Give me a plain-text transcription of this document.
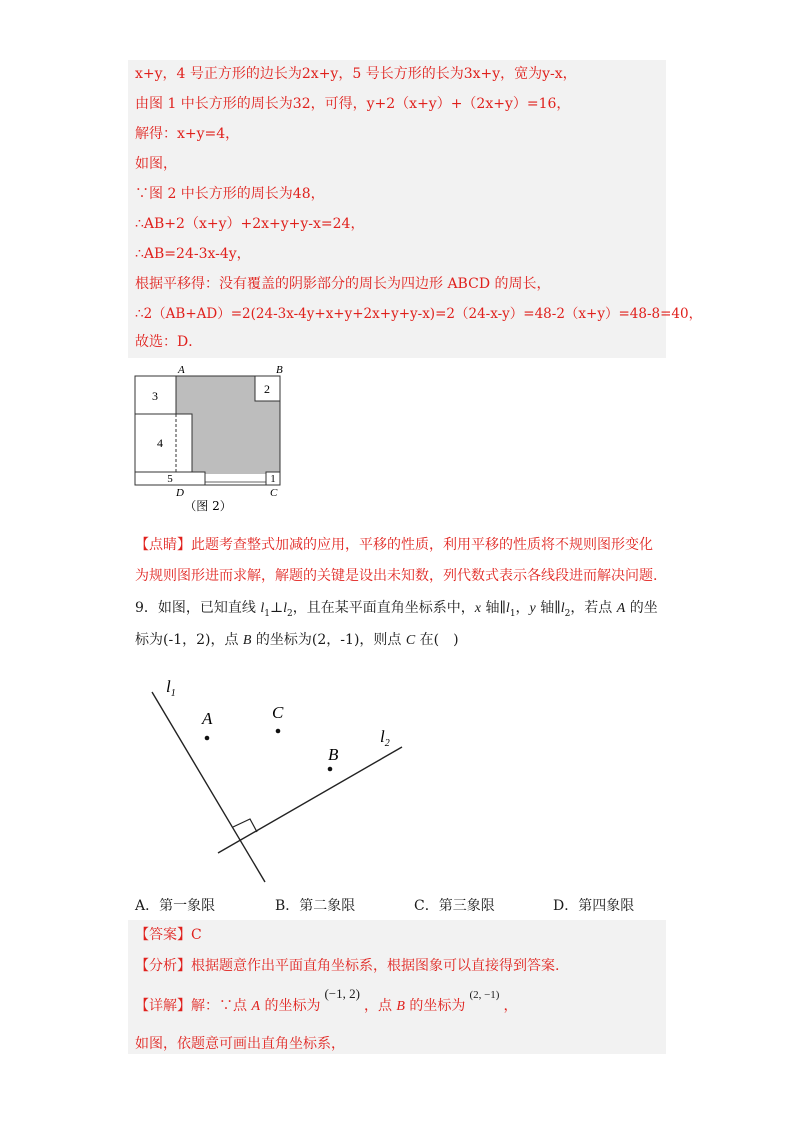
x+y，4 号正方形的边长为2x+y，5 号长方形的长为3x+y，宽为y-x，
由图 1 中长方形的周长为32，可得，y+2（x+y）+（2x+y）=16，
解得：x+y=4，
如图，
∵图 2 中长方形的周长为48，
∴AB+2（x+y）+2x+y+y-x=24，
∴AB=24-3x-4y，
根据平移得：没有覆盖的阴影部分的周长为四边形 ABCD 的周长，
∴2（AB+AD）=2(24-3x-4y+x+y+2x+y+y-x)=2（24-x-y）=48-2（x+y）=48-8=40，
故选：D．
3
4
2
5	1
A	B
D	C
（图 2）
【点睛】此题考查整式加减的应用，平移的性质，利用平移的性质将不规则图形变化
为规则图形进而求解，解题的关键是设出未知数，列代数式表示各线段进而解决问题.
9．如图，已知直线 $l_1\perp l_2$，且在某平面直角坐标系中，x 轴$\parallel l_1$，y 轴$\parallel l_2$，若点 A 的坐
标为(-1，2)，点 B 的坐标为(2，-1)，则点 C 在(　)
A	C
B
$l_1$
$l_2$
A．第一象限	B．第二象限	C．第三象限	D．第四象限
【答案】C
【分析】根据题意作出平面直角坐标系，根据图象可以直接得到答案.
【详解】解：∵点 A 的坐标为(−1, 2)，点 B 的坐标为$^{(2, -1)}$，
如图，依题意可画出直角坐标系，
